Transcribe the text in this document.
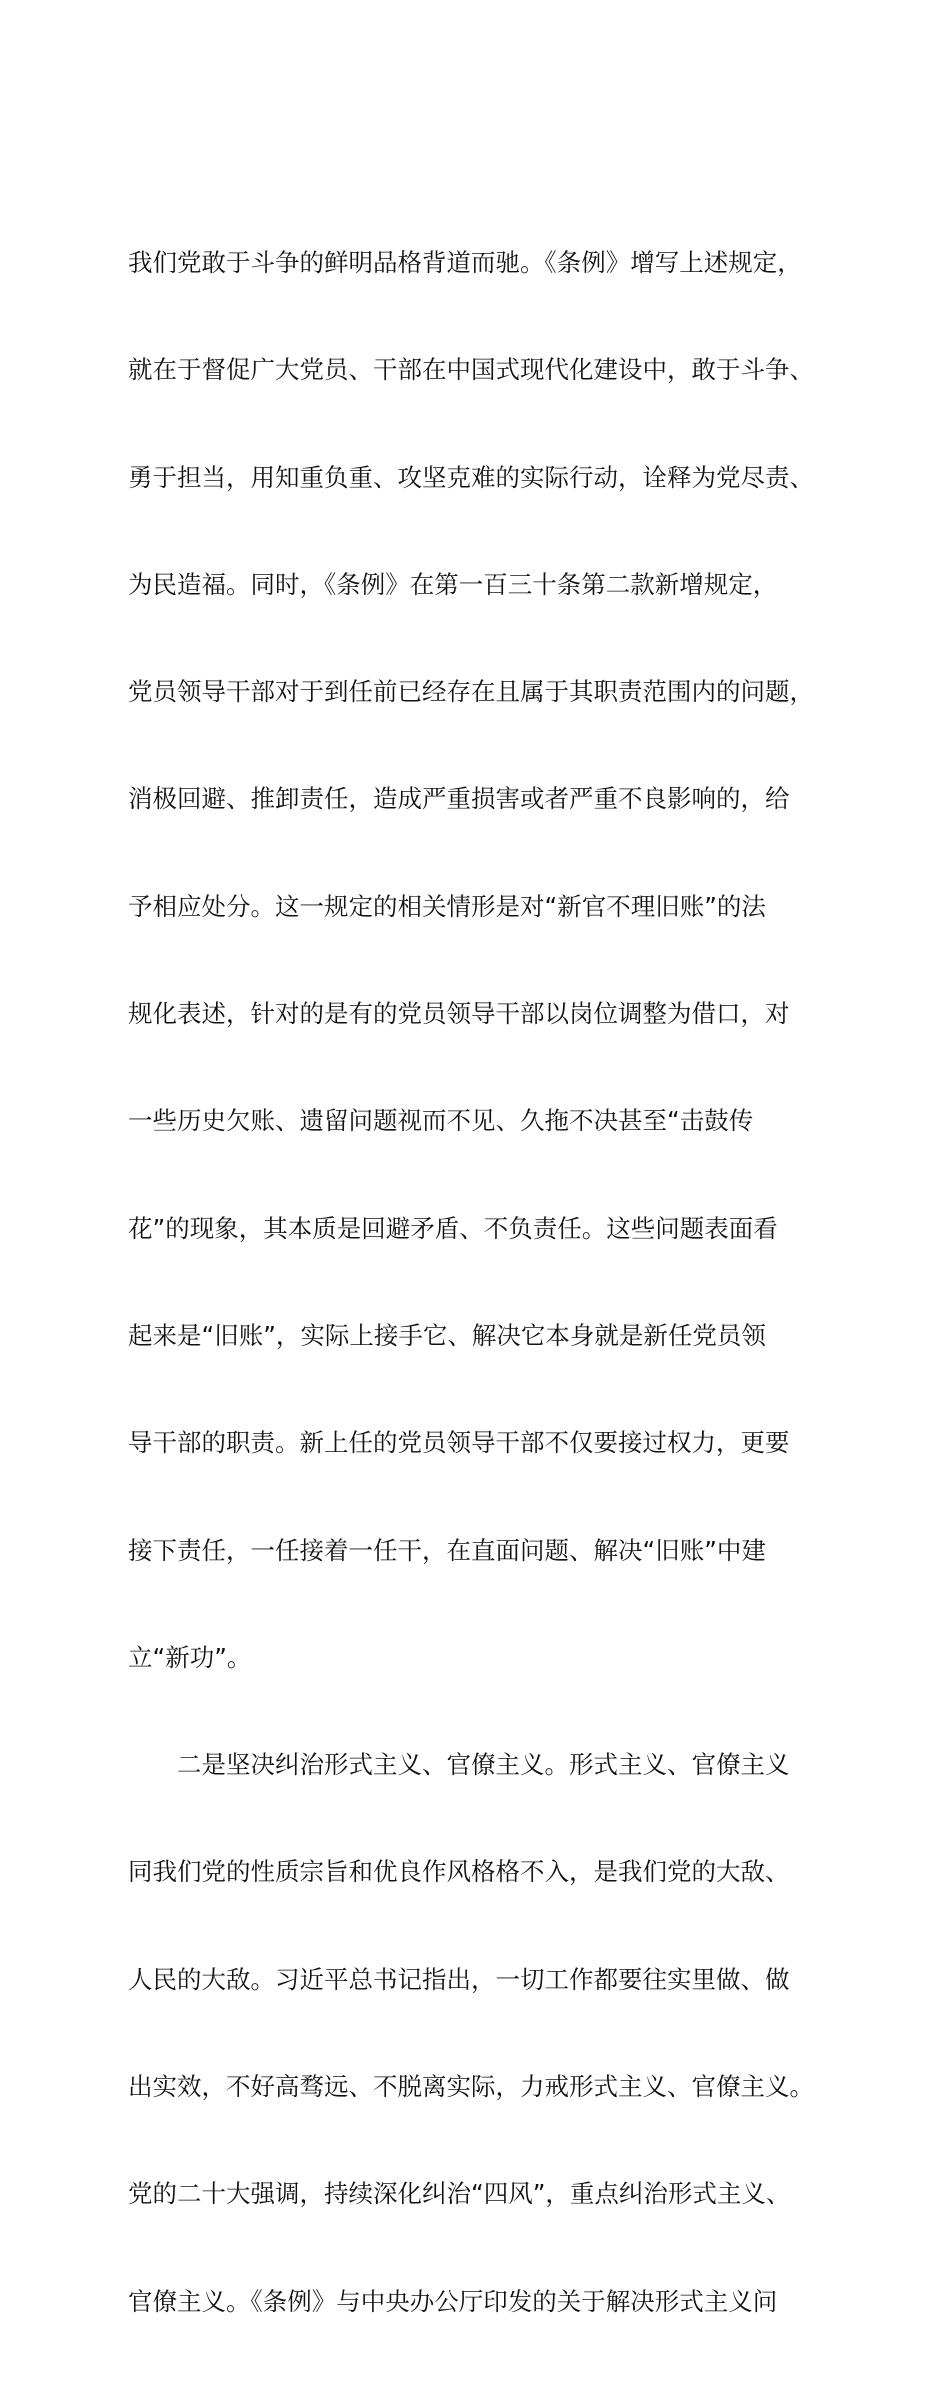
我们党敢于斗争的鲜明品格背道而驰。《条例》增写上述规定，

就在于督促广大党员、干部在中国式现代化建设中，敢于斗争、

勇于担当，用知重负重、攻坚克难的实际行动，诠释为党尽责、

为民造福。同时，《条例》在第一百三十条第二款新增规定，

党员领导干部对于到任前已经存在且属于其职责范围内的问题，

消极回避、推卸责任，造成严重损害或者严重不良影响的，给

予相应处分。这一规定的相关情形是对“新官不理旧账”的法

规化表述，针对的是有的党员领导干部以岗位调整为借口，对

一些历史欠账、遗留问题视而不见、久拖不决甚至“击鼓传

花”的现象，其本质是回避矛盾、不负责任。这些问题表面看

起来是“旧账”，实际上接手它、解决它本身就是新任党员领

导干部的职责。新上任的党员领导干部不仅要接过权力，更要

接下责任，一任接着一任干，在直面问题、解决“旧账”中建

立“新功”。

　　二是坚决纠治形式主义、官僚主义。形式主义、官僚主义

同我们党的性质宗旨和优良作风格格不入，是我们党的大敌、

人民的大敌。习近平总书记指出，一切工作都要往实里做、做

出实效，不好高骛远、不脱离实际，力戒形式主义、官僚主义。

党的二十大强调，持续深化纠治“四风”，重点纠治形式主义、

官僚主义。《条例》与中央办公厅印发的关于解决形式主义问
